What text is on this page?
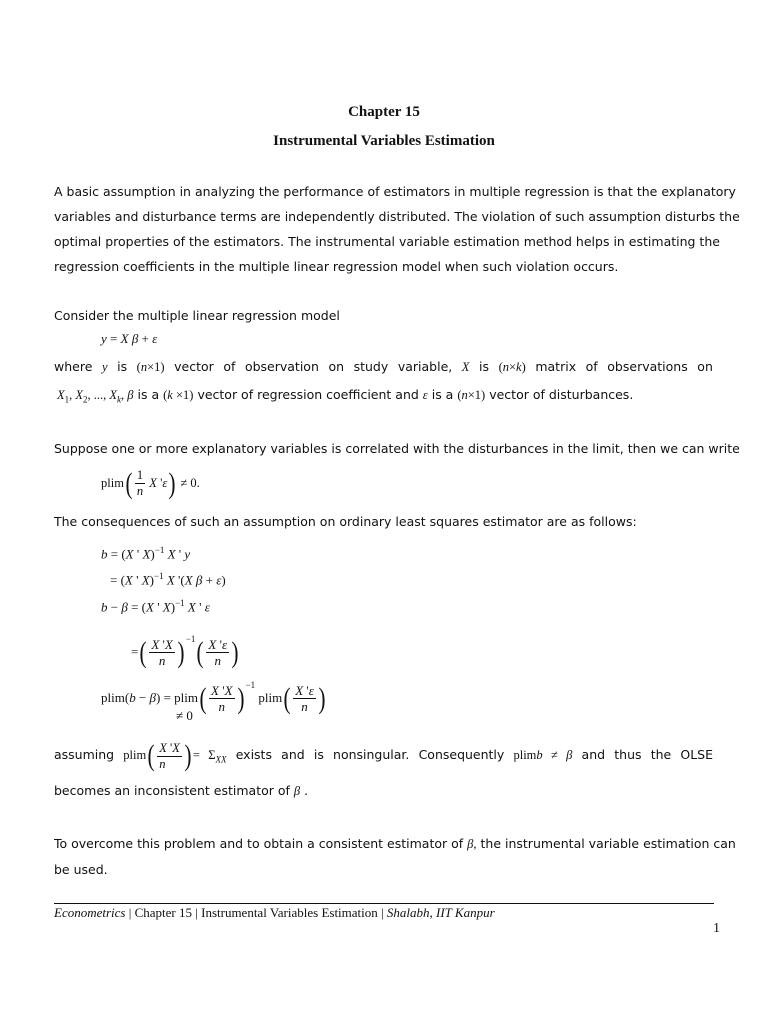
Chapter 15
Instrumental Variables Estimation
A basic assumption in analyzing the performance of estimators in multiple regression is that the explanatory
variables and disturbance terms are independently distributed. The violation of such assumption disturbs the
optimal properties of the estimators. The instrumental variable estimation method helps in estimating the
regression coefficients in the multiple linear regression model when such violation occurs.
Consider the multiple linear regression model
y = X β + ε
where y is (n×1) vector of observation on study variable, X is (n×k) matrix of observations on
$X_1$, $X_2$, ..., $X_k$, β is a (k ×1) vector of regression coefficient and ε is a (n×1) vector of disturbances.
Suppose one or more explanatory variables is correlated with the disturbances in the limit, then we can write
$plim( \frac{1}{n}$ X 'ε) ≠ 0.
The consequences of such an assumption on ordinary least squares estimator are as follows:
b = (X ' X)$^{-1}$ X ' y
= (X ' X)$^{-1}$ X '(X β + ε)
b − β = (X ' X)$^{-1}$ X ' ε
=( $\frac{X 'X}{n}$ ) $^{-1}( \frac{X '\varepsilon}{n}$ )
$plim(b - \beta) = plim( \frac{X 'X}{n}$ ) $^{-1}$ $plim( \frac{X '\varepsilon}{n}$ )
≠ 0
assuming $plim( \frac{X 'X}{n}$ ) = $\Sigma_{XX}$ exists and is nonsingular. Consequently plimb ≠ β and thus the OLSE
becomes an inconsistent estimator of β .
To overcome this problem and to obtain a consistent estimator of β, the instrumental variable estimation can
be used.
Econometrics | Chapter 15 | Instrumental Variables Estimation | Shalabh, IIT Kanpur
1
